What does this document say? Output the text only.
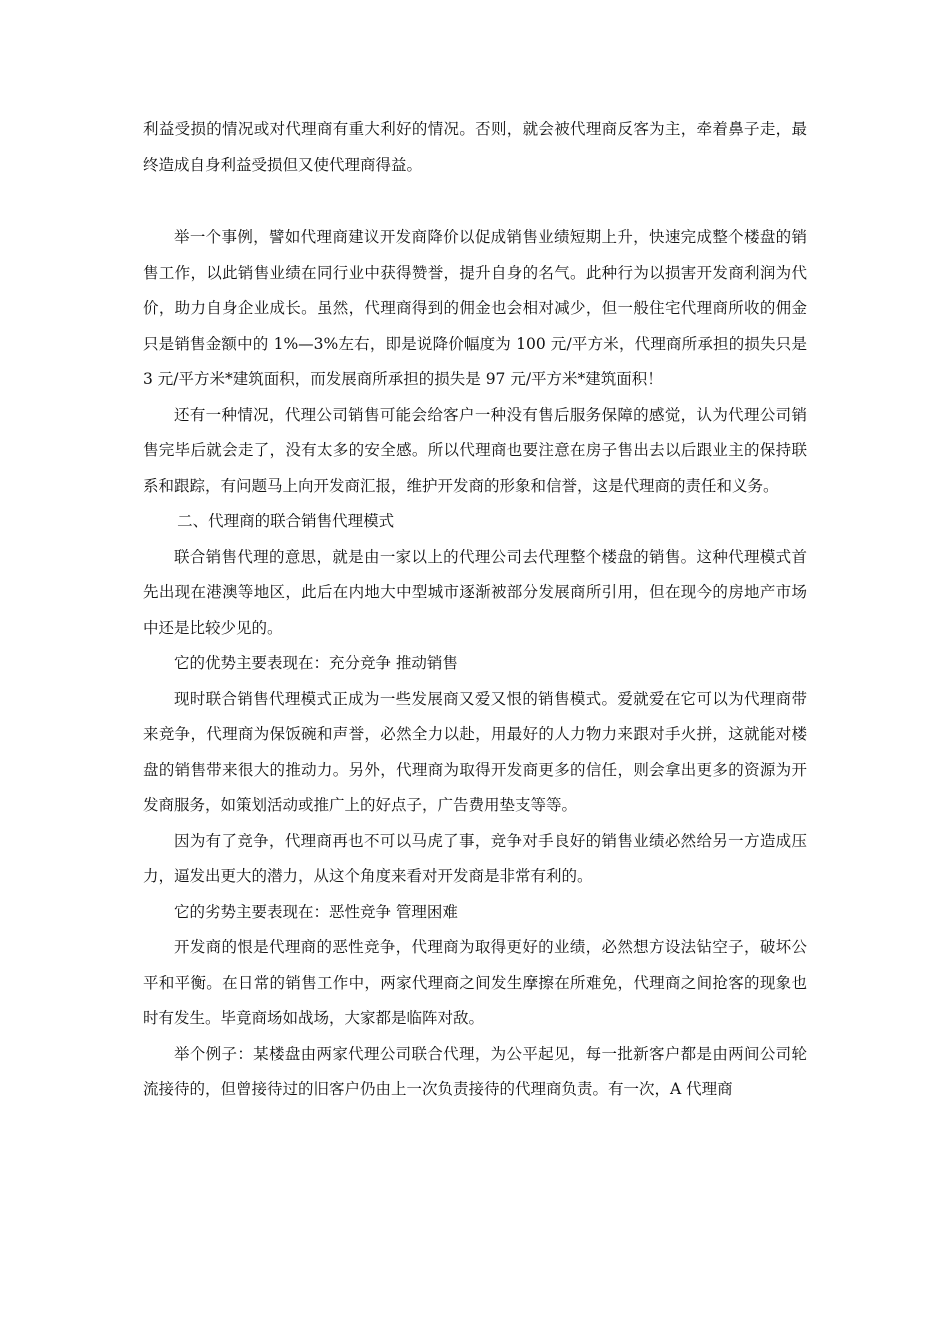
利益受损的情况或对代理商有重大利好的情况。否则，就会被代理商反客为主，牵着鼻子走，最终造成自身利益受损但又使代理商得益。

举一个事例，譬如代理商建议开发商降价以促成销售业绩短期上升，快速完成整个楼盘的销售工作，以此销售业绩在同行业中获得赞誉，提升自身的名气。此种行为以损害开发商利润为代价，助力自身企业成长。虽然，代理商得到的佣金也会相对减少，但一般住宅代理商所收的佣金只是销售金额中的 1%—3%左右，即是说降价幅度为 100 元/平方米，代理商所承担的损失只是 3 元/平方米*建筑面积，而发展商所承担的损失是 97 元/平方米*建筑面积！

还有一种情况，代理公司销售可能会给客户一种没有售后服务保障的感觉，认为代理公司销售完毕后就会走了，没有太多的安全感。所以代理商也要注意在房子售出去以后跟业主的保持联系和跟踪，有问题马上向开发商汇报，维护开发商的形象和信誉，这是代理商的责任和义务。

二、代理商的联合销售代理模式

联合销售代理的意思，就是由一家以上的代理公司去代理整个楼盘的销售。这种代理模式首先出现在港澳等地区，此后在内地大中型城市逐渐被部分发展商所引用，但在现今的房地产市场中还是比较少见的。

它的优势主要表现在：充分竞争 推动销售

现时联合销售代理模式正成为一些发展商又爱又恨的销售模式。爱就爱在它可以为代理商带来竞争，代理商为保饭碗和声誉，必然全力以赴，用最好的人力物力来跟对手火拼，这就能对楼盘的销售带来很大的推动力。另外，代理商为取得开发商更多的信任，则会拿出更多的资源为开发商服务，如策划活动或推广上的好点子，广告费用垫支等等。

因为有了竞争，代理商再也不可以马虎了事，竞争对手良好的销售业绩必然给另一方造成压力，逼发出更大的潜力，从这个角度来看对开发商是非常有利的。

它的劣势主要表现在：恶性竞争 管理困难

开发商的恨是代理商的恶性竞争，代理商为取得更好的业绩，必然想方设法钻空子，破坏公平和平衡。在日常的销售工作中，两家代理商之间发生摩擦在所难免，代理商之间抢客的现象也时有发生。毕竟商场如战场，大家都是临阵对敌。

举个例子：某楼盘由两家代理公司联合代理，为公平起见，每一批新客户都是由两间公司轮流接待的，但曾接待过的旧客户仍由上一次负责接待的代理商负责。有一次，A 代理商
